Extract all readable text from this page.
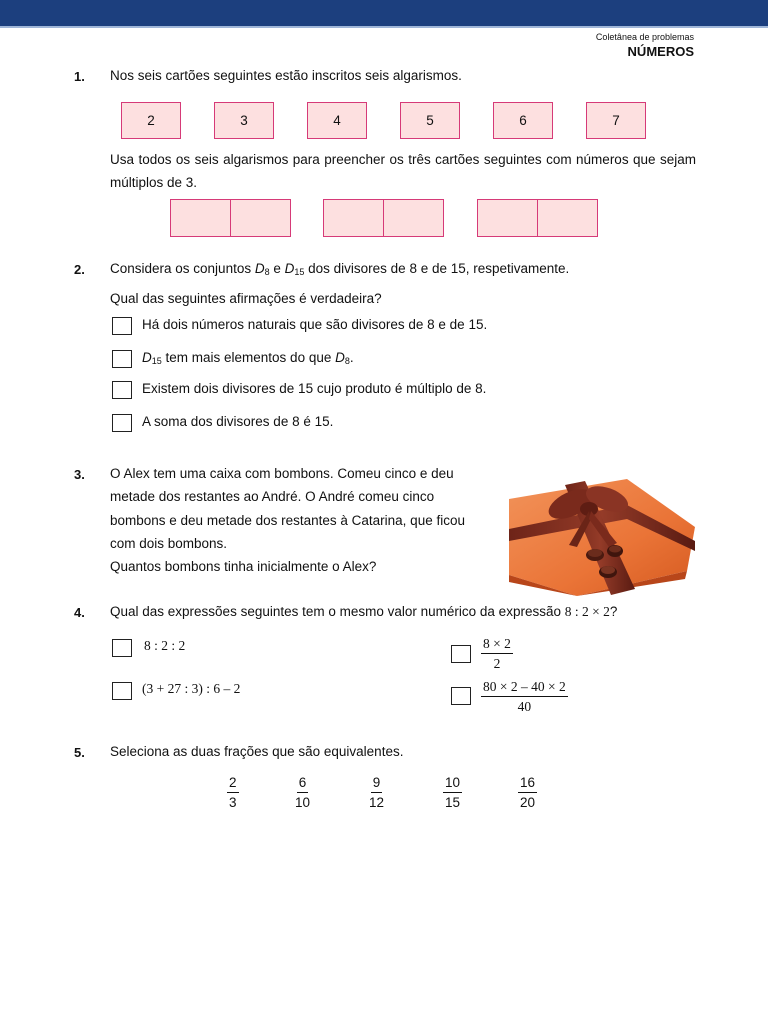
Coletânea de problemas
NÚMEROS
1. Nos seis cartões seguintes estão inscritos seis algarismos.
2	3	4	5	6	7
Usa todos os seis algarismos para preencher os três cartões seguintes com números que sejam múltiplos de 3.
2. Considera os conjuntos $D_8$ e $D_{15}$ dos divisores de 8 e de 15, respetivamente.
Qual das seguintes afirmações é verdadeira?
Há dois números naturais que são divisores de 8 e de 15.
$D_{15}$ tem mais elementos do que $D_8$.
Existem dois divisores de 15 cujo produto é múltiplo de 8.
A soma dos divisores de 8 é 15.
3. O Alex tem uma caixa com bombons. Comeu cinco e deu
metade dos restantes ao André. O André comeu cinco
bombons e deu metade dos restantes à Catarina, que ficou
com dois bombons.
Quantos bombons tinha inicialmente o Alex?
4. Qual das expressões seguintes tem o mesmo valor numérico da expressão 8 : 2 × 2?
8 : 2 : 2	$\frac{8 \times 2}{2}$
(3 + 27 : 3) : 6 – 2	$\frac{80 \times 2 - 40 \times 2}{40}$
5. Seleciona as duas frações que são equivalentes.
$\frac{2}{3}$	$\frac{6}{10}$	$\frac{9}{12}$	$\frac{10}{15}$	$\frac{16}{20}$
